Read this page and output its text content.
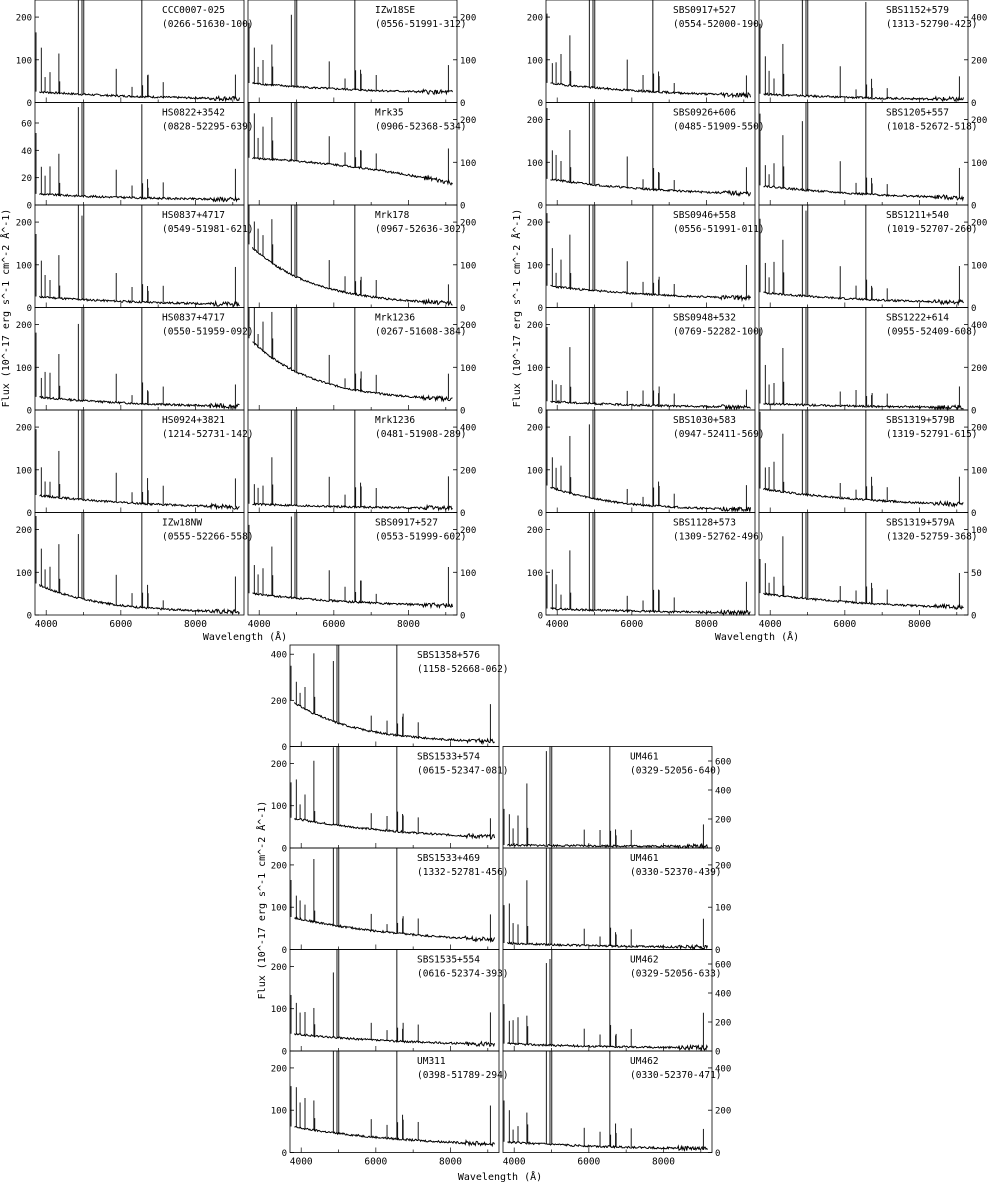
0
100
200
CCC0007-025
(0266-51630-100)
0
100
200
IZw18SE
(0556-51991-312)
0
20
40
60
HS0822+3542
(0828-52295-639)
0
100
200
Mrk35
(0906-52368-534)
0
100
200
HS0837+4717
(0549-51981-621)
0
100
200
Mrk178
(0967-52636-302)
0
100
200
HS0837+4717
(0550-51959-092)
0
100
200
Mrk1236
(0267-51608-384)
0
100
200
HS0924+3821
(1214-52731-142)
0
200
400
Mrk1236
(0481-51908-289)
0
100
200
4000	6000	8000
IZw18NW
(0555-52266-558)
0
100
200
4000	6000	8000
SBS0917+527
(0553-51999-602)
0
100
200
SBS0917+527
(0554-52000-190)
0
200
400
SBS1152+579
(1313-52790-423)
0
100
200
SBS0926+606
(0485-51909-550)
0
100
200
SBS1205+557
(1018-52672-518)
0
100
200
SBS0946+558
(0556-51991-011)
0
100
200
SBS1211+540
(1019-52707-260)
0
100
200
SBS0948+532
(0769-52282-100)
0
200
400
SBS1222+614
(0955-52409-608)
0
100
200
SBS1030+583
(0947-52411-569)
0
100
200
SBS1319+579B
(1319-52791-615)
0
100
200
4000	6000	8000
SBS1128+573
(1309-52762-496)
0
50
100
4000	6000	8000
SBS1319+579A
(1320-52759-368)
0
200
400	SBS1358+576
(1158-52668-062)
0
100
200
SBS1533+574
(0615-52347-081)
0
200
400
600
UM461
(0329-52056-640)
0
100
200
SBS1533+469
(1332-52781-456)
0
100
200
UM461
(0330-52370-439)
0
100
200
SBS1535+554
(0616-52374-393)
0
200
400
600
UM462
(0329-52056-633)
0
100
200
4000	6000	8000
UM311
(0398-51789-294)
0
200
400
4000	6000	8000
UM462
(0330-52370-471)
Flux (10^-17 erg s^-1 cm^-2 Å^-1)	Flux (10^-17 erg s^-1 cm^-2 Å^-1)
Flux (10^-17 erg s^-1 cm^-2 Å^-1)
Wavelength (Å)	Wavelength (Å)
Wavelength (Å)
